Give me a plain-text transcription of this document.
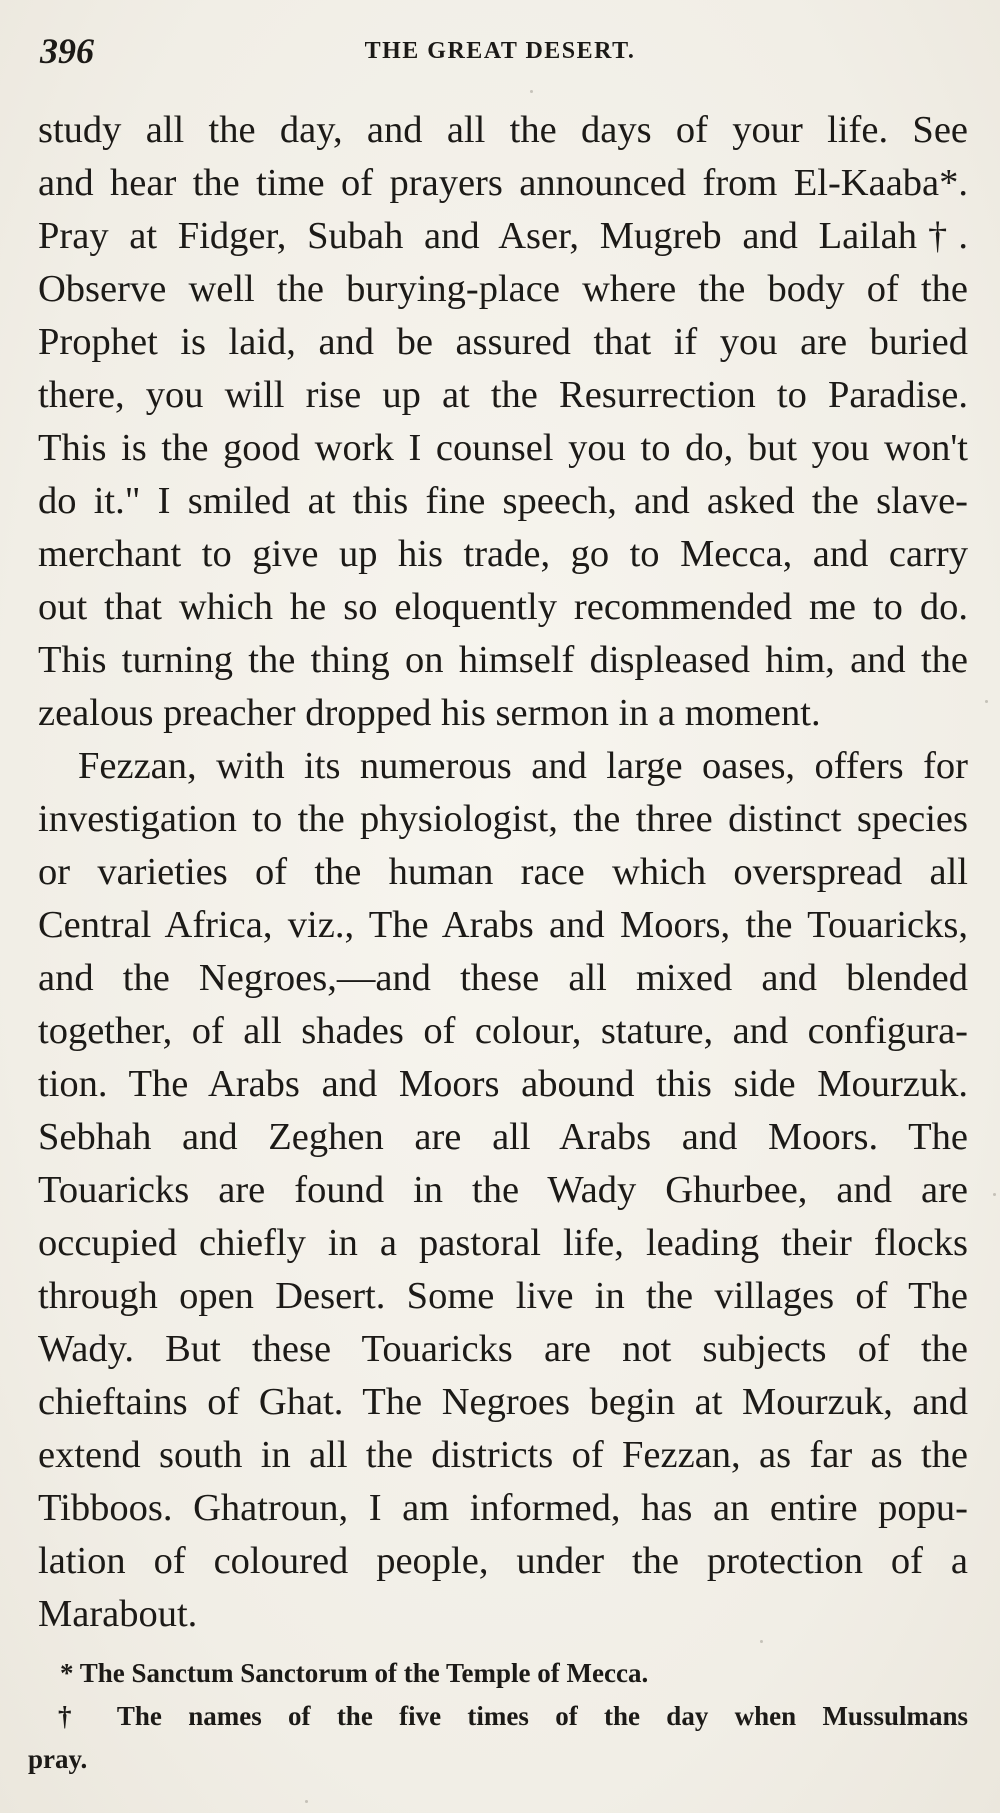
396	THE GREAT DESERT.
study all the day, and all the days of your life. See
and hear the time of prayers announced from El-Kaaba*.
Pray at Fidger, Subah and Aser, Mugreb and Lailah†.
Observe well the burying-place where the body of the
Prophet is laid, and be assured that if you are buried
there, you will rise up at the Resurrection to Paradise.
This is the good work I counsel you to do, but you won't
do it." I smiled at this fine speech, and asked the slave-
merchant to give up his trade, go to Mecca, and carry
out that which he so eloquently recommended me to do.
This turning the thing on himself displeased him, and the
zealous preacher dropped his sermon in a moment.
Fezzan, with its numerous and large oases, offers for
investigation to the physiologist, the three distinct species
or varieties of the human race which overspread all
Central Africa, viz., The Arabs and Moors, the Touaricks,
and the Negroes,—and these all mixed and blended
together, of all shades of colour, stature, and configura-
tion. The Arabs and Moors abound this side Mourzuk.
Sebhah and Zeghen are all Arabs and Moors. The
Touaricks are found in the Wady Ghurbee, and are
occupied chiefly in a pastoral life, leading their flocks
through open Desert. Some live in the villages of The
Wady. But these Touaricks are not subjects of the
chieftains of Ghat. The Negroes begin at Mourzuk, and
extend south in all the districts of Fezzan, as far as the
Tibboos. Ghatroun, I am informed, has an entire popu-
lation of coloured people, under the protection of a
Marabout.
* The Sanctum Sanctorum of the Temple of Mecca.
† The names of the five times of the day when Mussulmans
pray.
